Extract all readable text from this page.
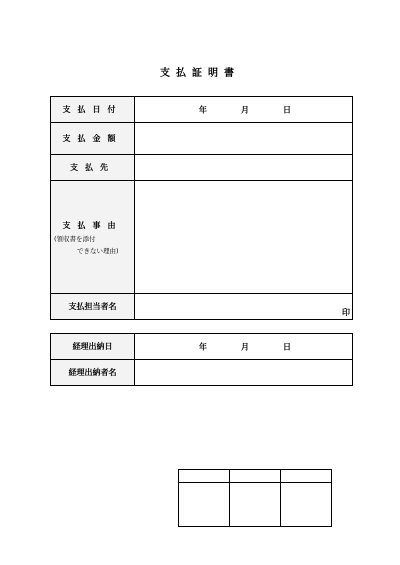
支払証明書
支払日付	年 月 日

支払金額	
支払先	

支払事由
(領収書を添付
できない理由)	

支払担当者名	印
経理出納日	年 月 日

経理出納者名	
